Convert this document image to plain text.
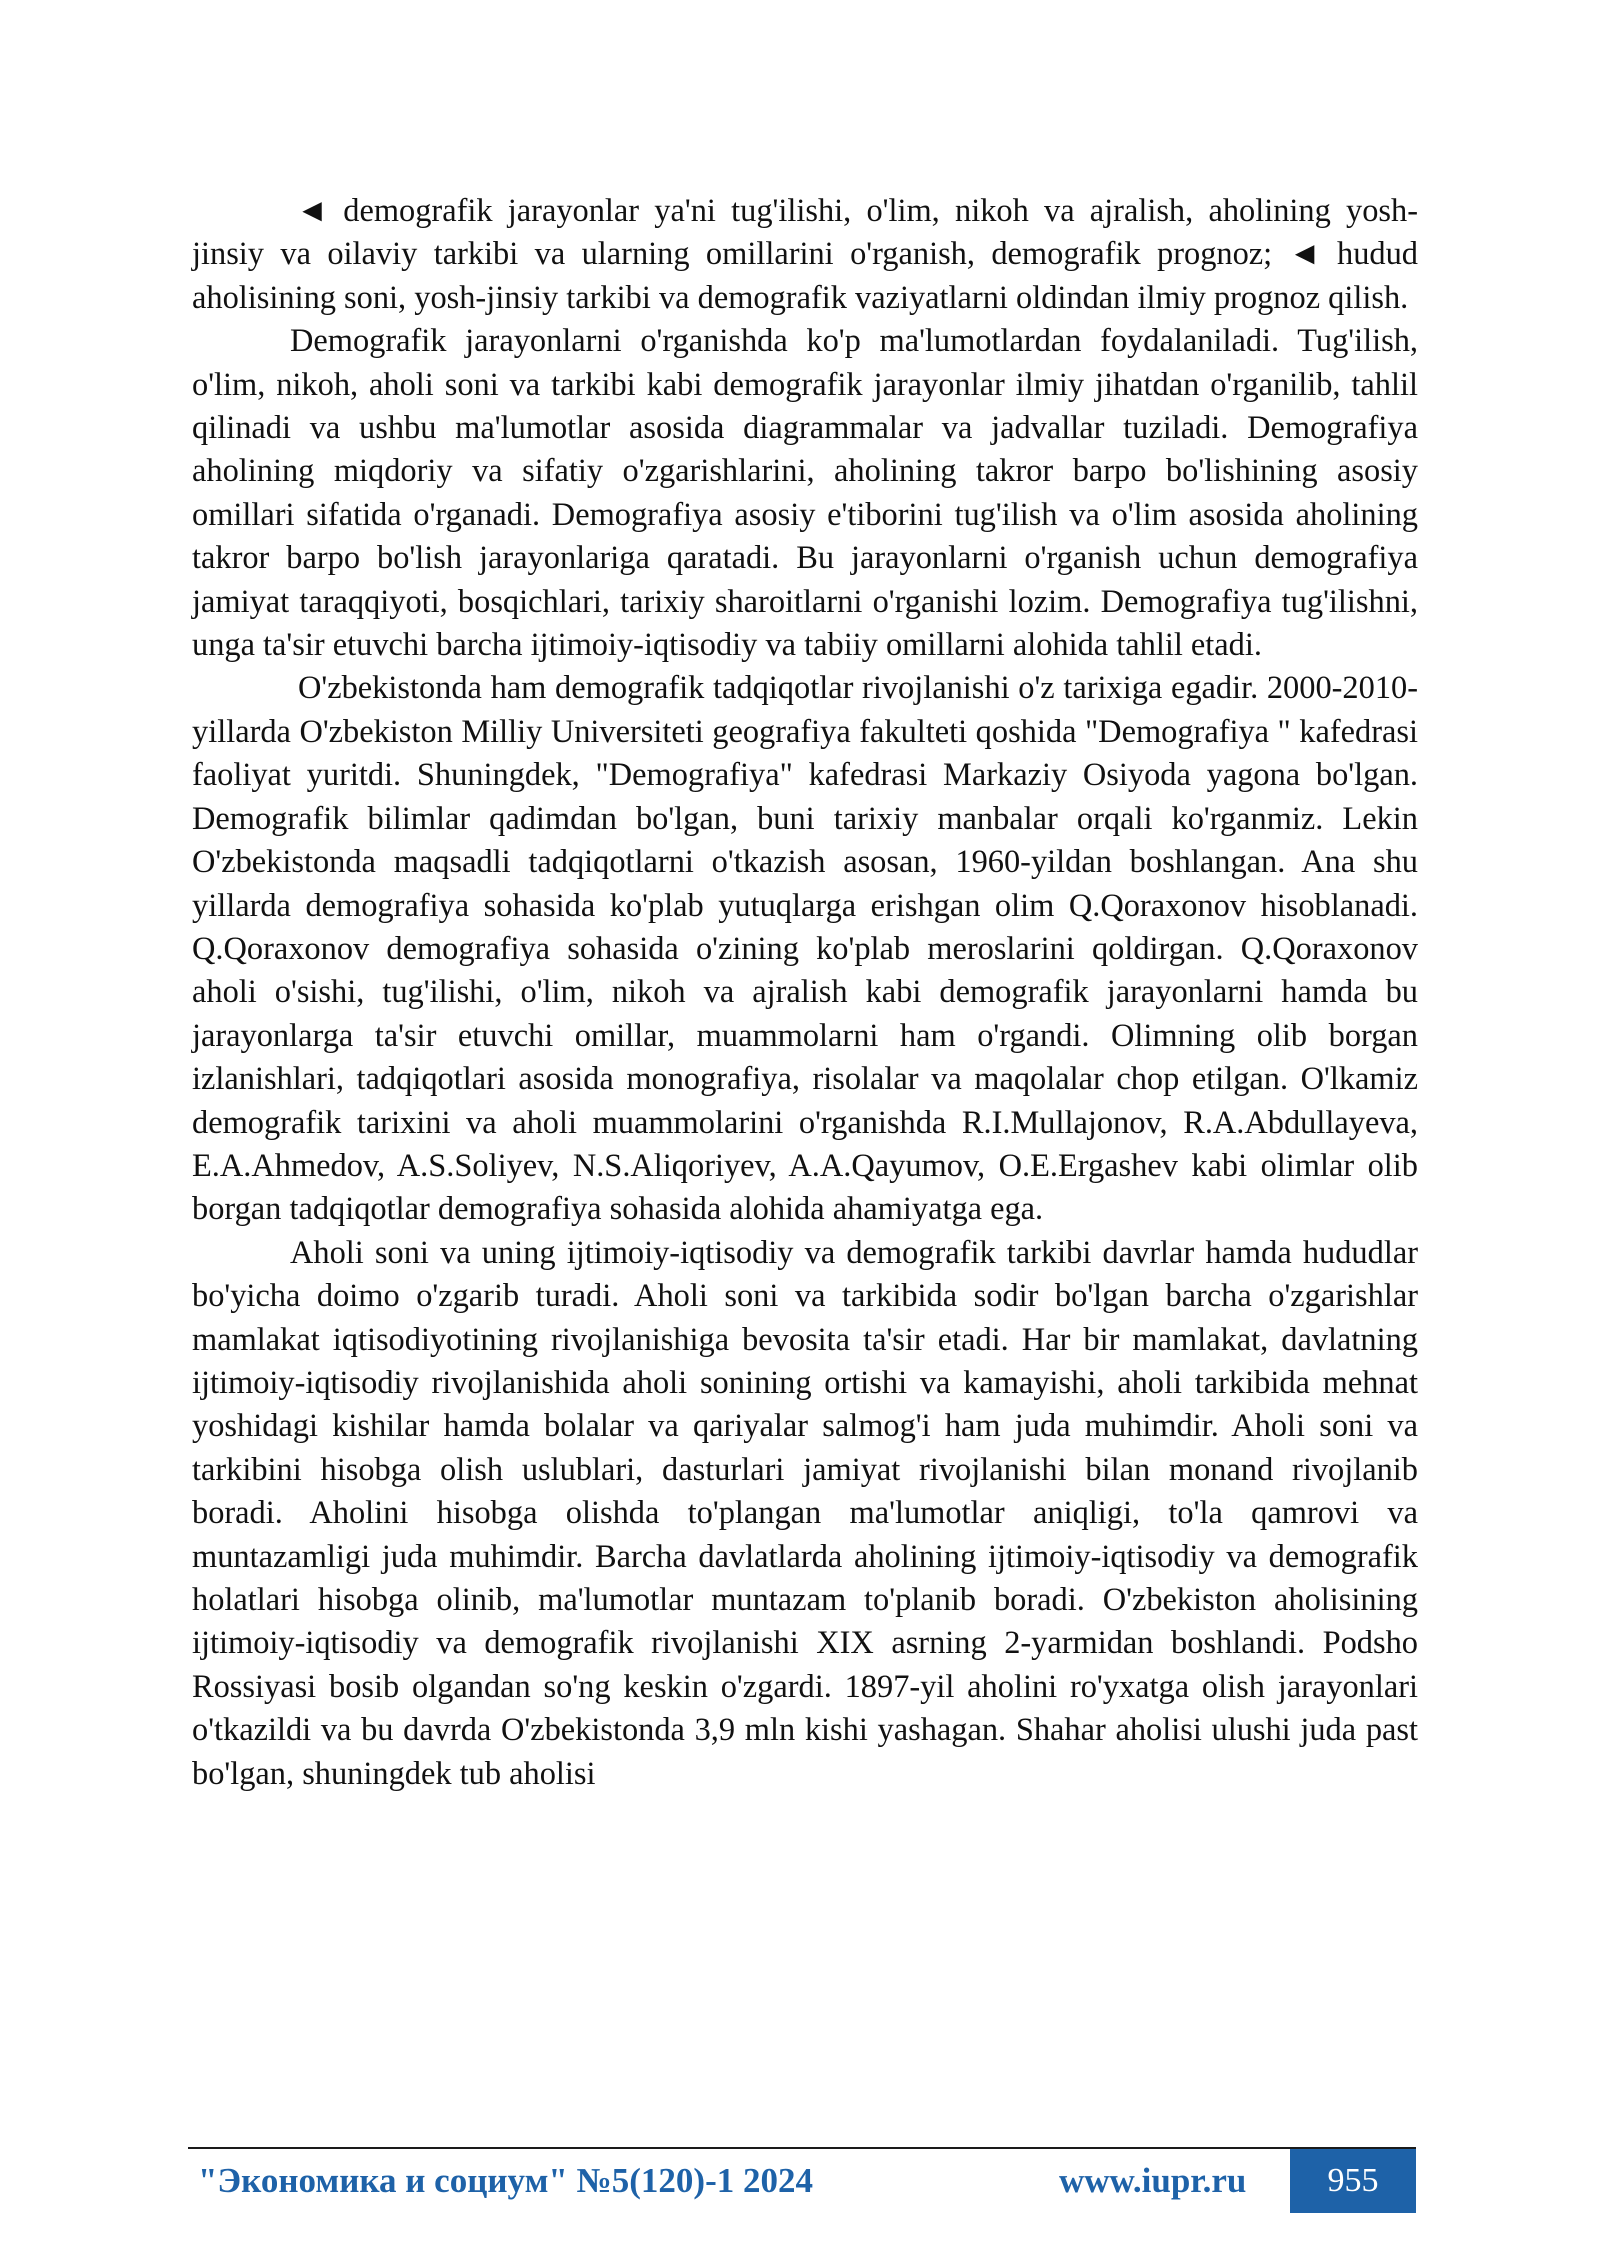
◄ demografik jarayonlar ya'ni tug'ilishi, o'lim, nikoh va ajralish, aholining yosh-jinsiy va oilaviy tarkibi va ularning omillarini o'rganish, demografik prognoz; ◄ hudud aholisining soni, yosh-jinsiy tarkibi va demografik vaziyatlarni oldindan ilmiy prognoz qilish.

Demografik jarayonlarni o'rganishda ko'p ma'lumotlardan foydalaniladi. Tug'ilish, o'lim, nikoh, aholi soni va tarkibi kabi demografik jarayonlar ilmiy jihatdan o'rganilib, tahlil qilinadi va ushbu ma'lumotlar asosida diagrammalar va jadvallar tuziladi. Demografiya aholining miqdoriy va sifatiy o'zgarishlarini, aholining takror barpo bo'lishining asosiy omillari sifatida o'rganadi. Demografiya asosiy e'tiborini tug'ilish va o'lim asosida aholining takror barpo bo'lish jarayonlariga qaratadi. Bu jarayonlarni o'rganish uchun demografiya jamiyat taraqqiyoti, bosqichlari, tarixiy sharoitlarni o'rganishi lozim. Demografiya tug'ilishni, unga ta'sir etuvchi barcha ijtimoiy-iqtisodiy va tabiiy omillarni alohida tahlil etadi.

O'zbekistonda ham demografik tadqiqotlar rivojlanishi o'z tarixiga egadir. 2000-2010-yillarda O'zbekiston Milliy Universiteti geografiya fakulteti qoshida "Demografiya " kafedrasi faoliyat yuritdi. Shuningdek, "Demografiya" kafedrasi Markaziy Osiyoda yagona bo'lgan. Demografik bilimlar qadimdan bo'lgan, buni tarixiy manbalar orqali ko'rganmiz. Lekin O'zbekistonda maqsadli tadqiqotlarni o'tkazish asosan, 1960-yildan boshlangan. Ana shu yillarda demografiya sohasida ko'plab yutuqlarga erishgan olim Q.Qoraxonov hisoblanadi. Q.Qoraxonov demografiya sohasida o'zining ko'plab meroslarini qoldirgan. Q.Qoraxonov aholi o'sishi, tug'ilishi, o'lim, nikoh va ajralish kabi demografik jarayonlarni hamda bu jarayonlarga ta'sir etuvchi omillar, muammolarni ham o'rgandi. Olimning olib borgan izlanishlari, tadqiqotlari asosida monografiya, risolalar va maqolalar chop etilgan. O'lkamiz demografik tarixini va aholi muammolarini o'rganishda R.I.Mullajonov, R.A.Abdullayeva, E.A.Ahmedov, A.S.Soliyev, N.S.Aliqoriyev, A.A.Qayumov, O.E.Ergashev kabi olimlar olib borgan tadqiqotlar demografiya sohasida alohida ahamiyatga ega.

Aholi soni va uning ijtimoiy-iqtisodiy va demografik tarkibi davrlar hamda hududlar bo'yicha doimo o'zgarib turadi. Aholi soni va tarkibida sodir bo'lgan barcha o'zgarishlar mamlakat iqtisodiyotining rivojlanishiga bevosita ta'sir etadi. Har bir mamlakat, davlatning ijtimoiy-iqtisodiy rivojlanishida aholi sonining ortishi va kamayishi, aholi tarkibida mehnat yoshidagi kishilar hamda bolalar va qariyalar salmog'i ham juda muhimdir. Aholi soni va tarkibini hisobga olish uslublari, dasturlari jamiyat rivojlanishi bilan monand rivojlanib boradi. Aholini hisobga olishda to'plangan ma'lumotlar aniqligi, to'la qamrovi va muntazamligi juda muhimdir. Barcha davlatlarda aholining ijtimoiy-iqtisodiy va demografik holatlari hisobga olinib, ma'lumotlar muntazam to'planib boradi. O'zbekiston aholisining ijtimoiy-iqtisodiy va demografik rivojlanishi XIX asrning 2-yarmidan boshlandi. Podsho Rossiyasi bosib olgandan so'ng keskin o'zgardi. 1897-yil aholini ro'yxatga olish jarayonlari o'tkazildi va bu davrda O'zbekistonda 3,9 mln kishi yashagan. Shahar aholisi ulushi juda past bo'lgan, shuningdek tub aholisi

"Экономика и социум" №5(120)-1 2024	www.iupr.ru	955
